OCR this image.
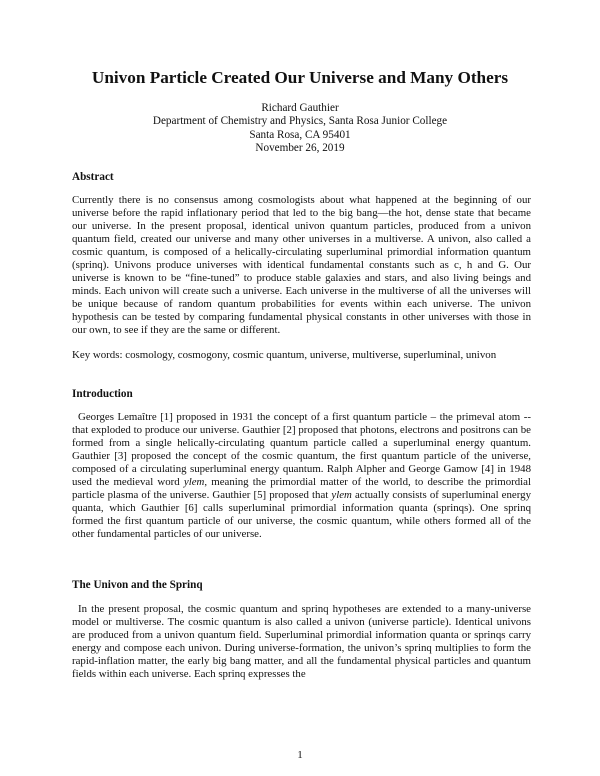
Univon Particle Created Our Universe and Many Others
Richard Gauthier
Department of Chemistry and Physics, Santa Rosa Junior College
Santa Rosa, CA 95401
November 26, 2019
Abstract

Currently there is no consensus among cosmologists about what happened at the beginning of our universe before the rapid inflationary period that led to the big bang—the hot, dense state that became our universe. In the present proposal, identical univon quantum particles, produced from a univon quantum field, created our universe and many other universes in a multiverse. A univon, also called a cosmic quantum, is composed of a helically-circulating superluminal primordial information quantum (sprinq). Univons produce universes with identical fundamental constants such as c, h and G. Our universe is known to be “fine-tuned” to produce stable galaxies and stars, and also living beings and minds. Each univon will create such a universe. Each universe in the multiverse of all the universes will be unique because of random quantum probabilities for events within each universe. The univon hypothesis can be tested by comparing fundamental physical constants in other universes with those in our own, to see if they are the same or different.

Key words: cosmology, cosmogony, cosmic quantum, universe, multiverse, superluminal, univon
Introduction

Georges Lemaître [1] proposed in 1931 the concept of a first quantum particle – the primeval atom -- that exploded to produce our universe. Gauthier [2] proposed that photons, electrons and positrons can be formed from a single helically-circulating quantum particle called a superluminal energy quantum. Gauthier [3] proposed the concept of the cosmic quantum, the first quantum particle of the universe, composed of a circulating superluminal energy quantum. Ralph Alpher and George Gamow [4] in 1948 used the medieval word ylem, meaning the primordial matter of the world, to describe the primordial particle plasma of the universe. Gauthier [5] proposed that ylem actually consists of superluminal energy quanta, which Gauthier [6] calls superluminal primordial information quanta (sprinqs). One sprinq formed the first quantum particle of our universe, the cosmic quantum, while others formed all of the other fundamental particles of our universe.

The Univon and the Sprinq

In the present proposal, the cosmic quantum and sprinq hypotheses are extended to a many-universe model or multiverse. The cosmic quantum is also called a univon (universe particle). Identical univons are produced from a univon quantum field. Superluminal primordial information quanta or sprinqs carry energy and compose each univon. During universe-formation, the univon’s sprinq multiplies to form the rapid-inflation matter, the early big bang matter, and all the fundamental physical particles and quantum fields within each universe. Each sprinq expresses the

1
